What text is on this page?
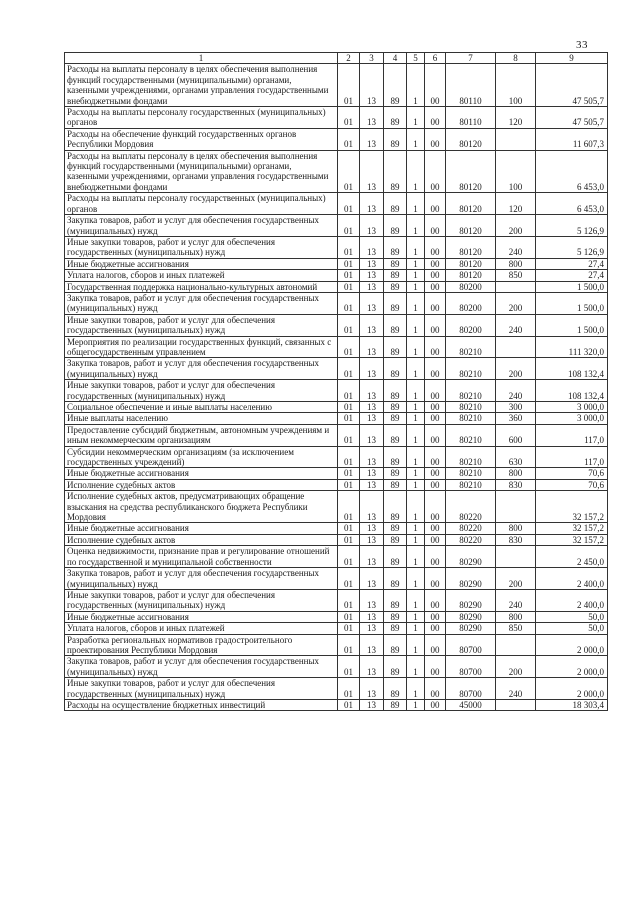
33
1	2	3	4	5	6	7	8	9
Расходы на выплаты персоналу в целях обеспечения выполнения функций государственными (муниципальными) органами, казенными учреждениями, органами управления государственными внебюджетными фондами	01	13	89	1	00	80110	100	47 505,7
Расходы на выплаты персоналу государственных (муниципальных) органов	01	13	89	1	00	80110	120	47 505,7
Расходы на обеспечение функций государственных органов Республики Мордовия	01	13	89	1	00	80120		11 607,3
Расходы на выплаты персоналу в целях обеспечения выполнения функций государственными (муниципальными) органами, казенными учреждениями, органами управления государственными внебюджетными фондами	01	13	89	1	00	80120	100	6 453,0
Расходы на выплаты персоналу государственных (муниципальных) органов	01	13	89	1	00	80120	120	6 453,0
Закупка товаров, работ и услуг для обеспечения государственных (муниципальных) нужд	01	13	89	1	00	80120	200	5 126,9
Иные закупки товаров, работ и услуг для обеспечения государственных (муниципальных) нужд	01	13	89	1	00	80120	240	5 126,9
Иные бюджетные ассигнования	01	13	89	1	00	80120	800	27,4
Уплата налогов, сборов и иных платежей	01	13	89	1	00	80120	850	27,4
Государственная поддержка национально-культурных автономий	01	13	89	1	00	80200		1 500,0
Закупка товаров, работ и услуг для обеспечения государственных (муниципальных) нужд	01	13	89	1	00	80200	200	1 500,0
Иные закупки товаров, работ и услуг для обеспечения государственных (муниципальных) нужд	01	13	89	1	00	80200	240	1 500,0
Мероприятия по реализации государственных функций, связанных с общегосударственным управлением	01	13	89	1	00	80210		111 320,0
Закупка товаров, работ и услуг для обеспечения государственных (муниципальных) нужд	01	13	89	1	00	80210	200	108 132,4
Иные закупки товаров, работ и услуг для обеспечения государственных (муниципальных) нужд	01	13	89	1	00	80210	240	108 132,4
Социальное обеспечение и иные выплаты населению	01	13	89	1	00	80210	300	3 000,0
Иные выплаты населению	01	13	89	1	00	80210	360	3 000,0
Предоставление субсидий бюджетным, автономным учреждениям и иным некоммерческим организациям	01	13	89	1	00	80210	600	117,0
Субсидии некоммерческим организациям (за исключением государственных учреждений)	01	13	89	1	00	80210	630	117,0
Иные бюджетные ассигнования	01	13	89	1	00	80210	800	70,6
Исполнение судебных актов	01	13	89	1	00	80210	830	70,6
Исполнение судебных актов, предусматривающих обращение взыскания на средства республиканского бюджета Республики Мордовия	01	13	89	1	00	80220		32 157,2
Иные бюджетные ассигнования	01	13	89	1	00	80220	800	32 157,2
Исполнение судебных актов	01	13	89	1	00	80220	830	32 157,2
Оценка недвижимости, признание прав и регулирование отношений по государственной и муниципальной собственности	01	13	89	1	00	80290		2 450,0
Закупка товаров, работ и услуг для обеспечения государственных (муниципальных) нужд	01	13	89	1	00	80290	200	2 400,0
Иные закупки товаров, работ и услуг для обеспечения государственных (муниципальных) нужд	01	13	89	1	00	80290	240	2 400,0
Иные бюджетные ассигнования	01	13	89	1	00	80290	800	50,0
Уплата налогов, сборов и иных платежей	01	13	89	1	00	80290	850	50,0
Разработка региональных нормативов градостроительного проектирования Республики Мордовия	01	13	89	1	00	80700		2 000,0
Закупка товаров, работ и услуг для обеспечения государственных (муниципальных) нужд	01	13	89	1	00	80700	200	2 000,0
Иные закупки товаров, работ и услуг для обеспечения государственных (муниципальных) нужд	01	13	89	1	00	80700	240	2 000,0
Расходы на осуществление бюджетных инвестиций	01	13	89	1	00	45000		18 303,4
